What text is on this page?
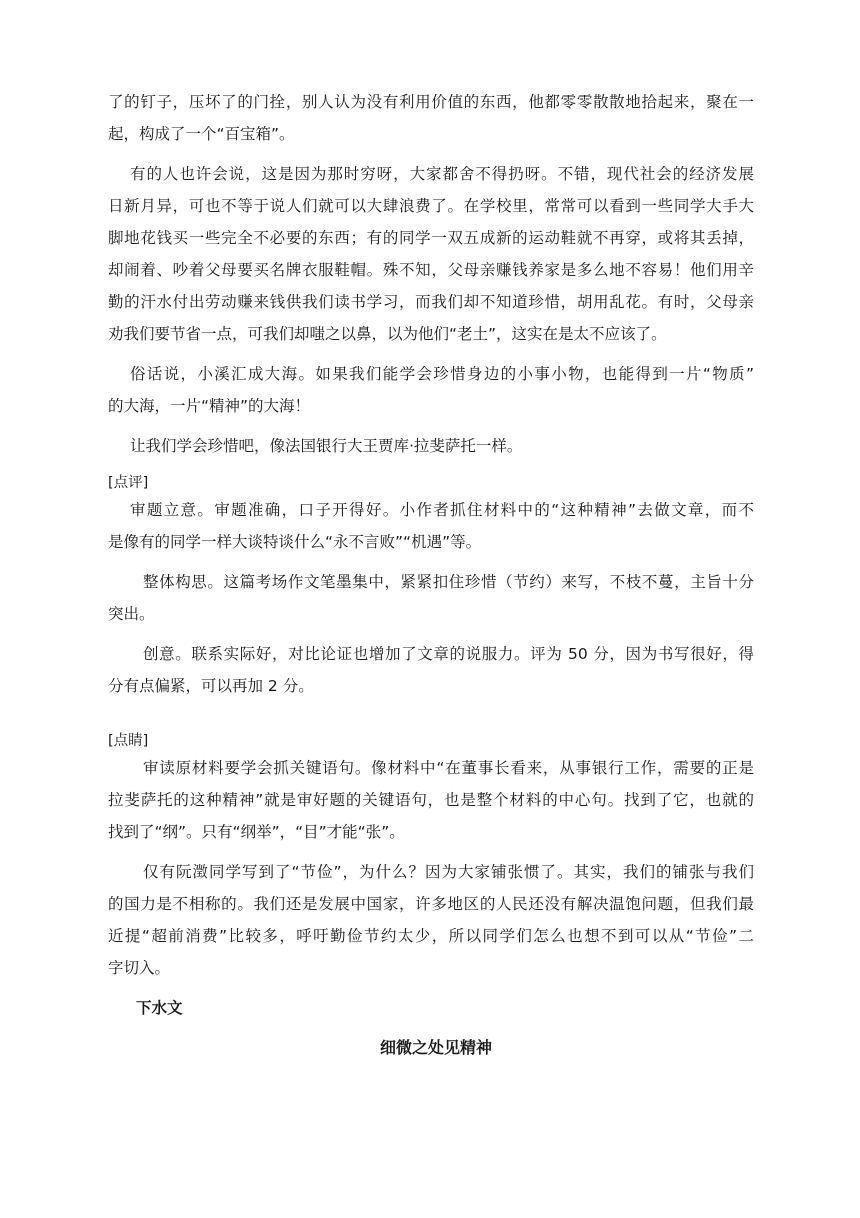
了的钉子，压坏了的门拴，别人认为没有利用价值的东西，他都零零散散地拾起来，聚在一
起，构成了一个“百宝箱”。
有的人也许会说，这是因为那时穷呀，大家都舍不得扔呀。不错，现代社会的经济发展
日新月异，可也不等于说人们就可以大肆浪费了。在学校里，常常可以看到一些同学大手大
脚地花钱买一些完全不必要的东西；有的同学一双五成新的运动鞋就不再穿，或将其丢掉，
却闹着、吵着父母要买名牌衣服鞋帽。殊不知，父母亲赚钱养家是多么地不容易！他们用辛
勤的汗水付出劳动赚来钱供我们读书学习，而我们却不知道珍惜，胡用乱花。有时，父母亲
劝我们要节省一点，可我们却嗤之以鼻，以为他们“老土”，这实在是太不应该了。
俗话说，小溪汇成大海。如果我们能学会珍惜身边的小事小物，也能得到一片“物质”
的大海，一片“精神”的大海！
让我们学会珍惜吧，像法国银行大王贾库·拉斐萨托一样。
[点评]
审题立意。审题准确，口子开得好。小作者抓住材料中的“这种精神”去做文章，而不
是像有的同学一样大谈特谈什么“永不言败”“机遇”等。
整体构思。这篇考场作文笔墨集中，紧紧扣住珍惜（节约）来写，不枝不蔓，主旨十分
突出。
创意。联系实际好，对比论证也增加了文章的说服力。评为 50 分，因为书写很好，得
分有点偏紧，可以再加 2 分。
[点睛]
审读原材料要学会抓关键语句。像材料中“在董事长看来，从事银行工作，需要的正是
拉斐萨托的这种精神”就是审好题的关键语句，也是整个材料的中心句。找到了它，也就的
找到了“纲”。只有“纲举”，“目”才能“张”。
仅有阮澂同学写到了“节俭”，为什么？因为大家铺张惯了。其实，我们的铺张与我们
的国力是不相称的。我们还是发展中国家，许多地区的人民还没有解决温饱问题，但我们最
近提“超前消费”比较多，呼吁勤俭节约太少，所以同学们怎么也想不到可以从“节俭”二
字切入。
下水文
细微之处见精神
